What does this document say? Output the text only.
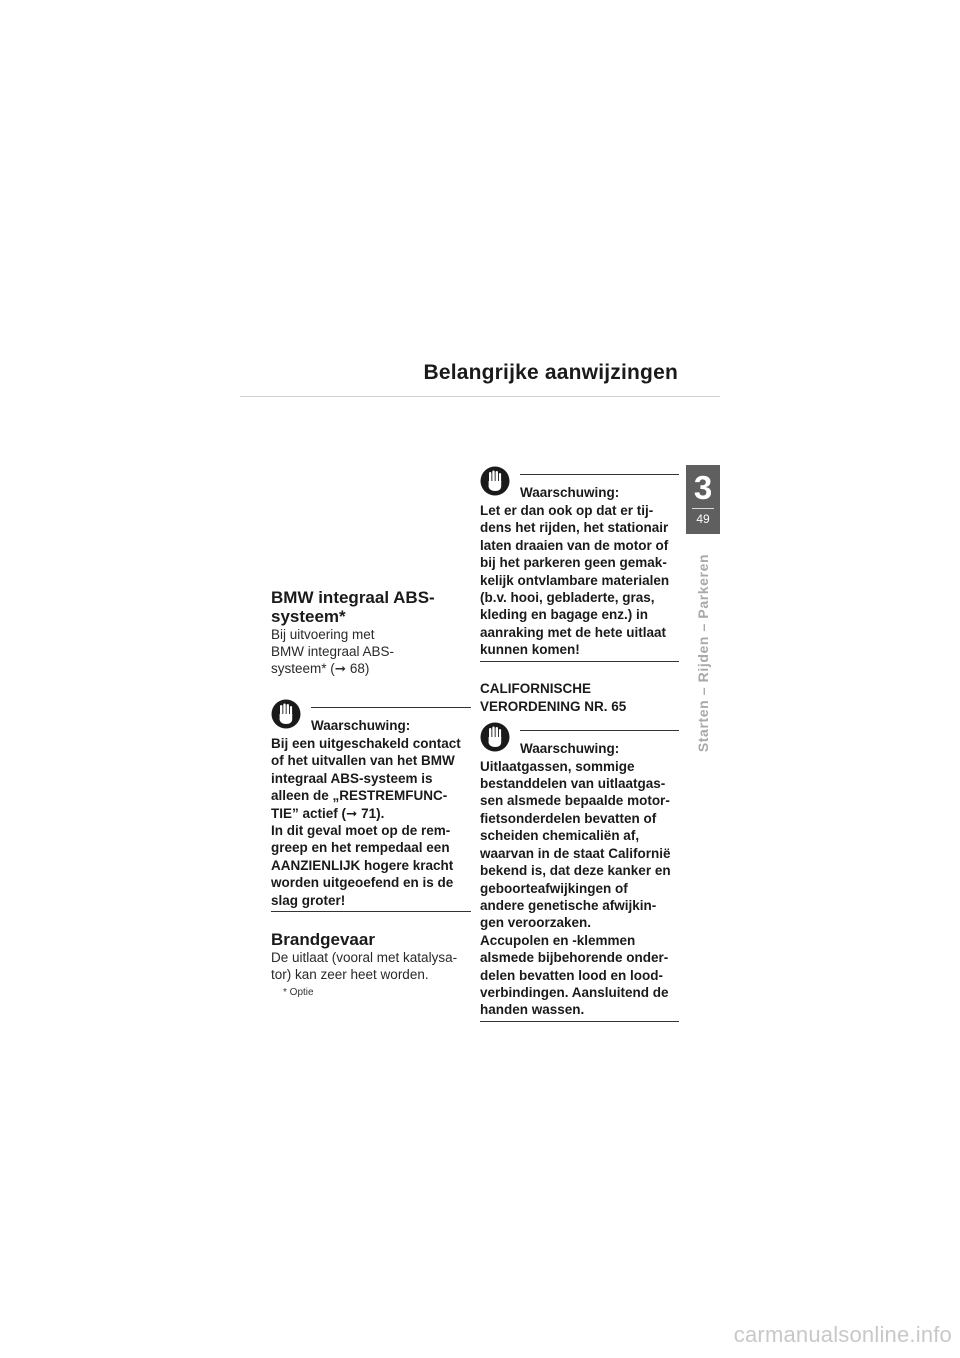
Belangrijke aanwijzingen
3
49
Starten – Rijden – Parkeren
BMW integraal ABS-
systeem*

Bij uitvoering met
BMW integraal ABS-
systeem* (➞ 68)

Waarschuwing:

Bij een uitgeschakeld contact
of het uitvallen van het BMW
integraal ABS-systeem is
alleen de „RESTREMFUNC-
TIE” actief (➞ 71).
In dit geval moet op de rem-
greep en het rempedaal een
AANZIENLIJK hogere kracht
worden uitgeoefend en is de
slag groter!

Brandgevaar

De uitlaat (vooral met katalysa-
tor) kan zeer heet worden.

* Optie
Waarschuwing:

Let er dan ook op dat er tij-
dens het rijden, het stationair
laten draaien van de motor of
bij het parkeren geen gemak-
kelijk ontvlambare materialen
(b.v. hooi, gebladerte, gras,
kleding en bagage enz.) in
aanraking met de hete uitlaat
kunnen komen!

CALIFORNISCHE
VERORDENING NR. 65

Waarschuwing:

Uitlaatgassen, sommige
bestanddelen van uitlaatgas-
sen alsmede bepaalde motor-
fietsonderdelen bevatten of
scheiden chemicaliën af,
waarvan in de staat Californië
bekend is, dat deze kanker en
geboorteafwijkingen of
andere genetische afwijkin-
gen veroorzaken.
Accupolen en -klemmen
alsmede bijbehorende onder-
delen bevatten lood en lood-
verbindingen. Aansluitend de
handen wassen.

carmanualsonline.info
